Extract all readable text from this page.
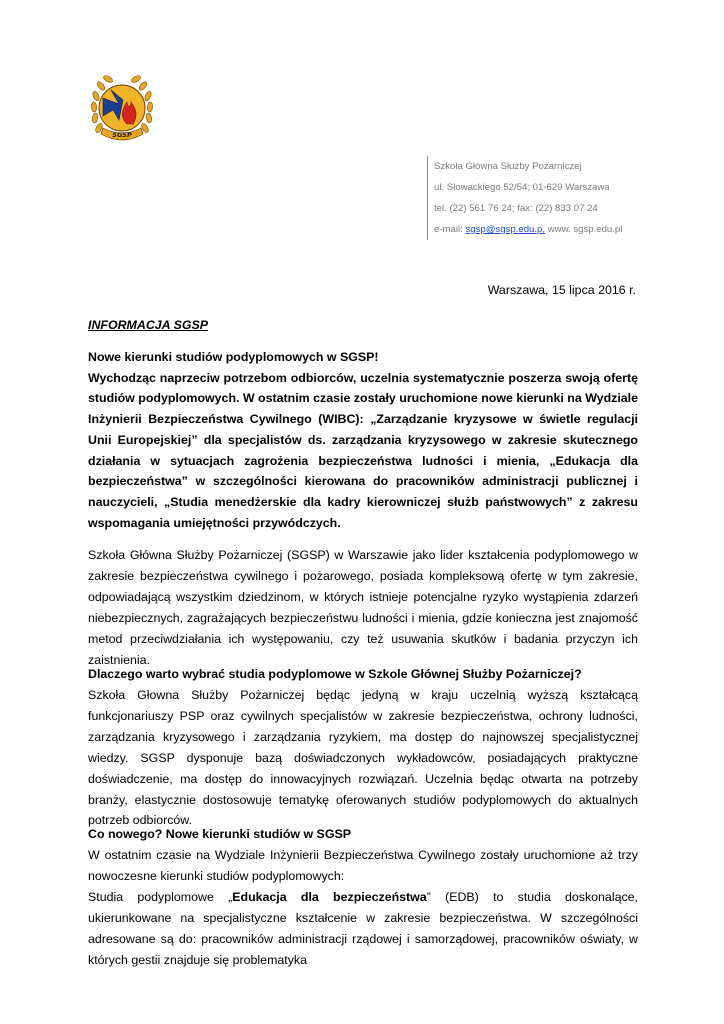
SGSP
Szkoła Główna Służby Pożarniczej
ul. Słowackiego 52/54; 01-629 Warszawa
tel. (22) 561 76 24; fax: (22) 833 07 24
e-mail: sgsp@sgsp.edu.p, www. sgsp.edu.pl
Warszawa, 15 lipca 2016 r.
INFORMACJA SGSP

Nowe kierunki studiów podyplomowych w SGSP!

Wychodząc naprzeciw potrzebom odbiorców, uczelnia systematycznie poszerza swoją ofertę studiów podyplomowych. W ostatnim czasie zostały uruchomione nowe kierunki na Wydziale Inżynierii Bezpieczeństwa Cywilnego (WIBC): „Zarządzanie kryzysowe w świetle regulacji Unii Europejskiej” dla specjalistów ds. zarządzania kryzysowego w zakresie skutecznego działania w sytuacjach zagrożenia bezpieczeństwa ludności i mienia, „Edukacja dla bezpieczeństwa” w szczególności kierowana do pracowników administracji publicznej i nauczycieli, „Studia menedżerskie dla kadry kierowniczej służb państwowych” z zakresu wspomagania umiejętności przywódczych.

Szkoła Główna Służby Pożarniczej (SGSP) w Warszawie jako lider kształcenia podyplomowego w zakresie bezpieczeństwa cywilnego i pożarowego, posiada kompleksową ofertę w tym zakresie, odpowiadającą wszystkim dziedzinom, w których istnieje potencjalne ryzyko wystąpienia zdarzeń niebezpiecznych, zagrażających bezpieczeństwu ludności i mienia, gdzie konieczna jest znajomość metod przeciwdziałania ich występowaniu, czy też usuwania skutków i badania przyczyn ich zaistnienia.

Dlaczego warto wybrać studia podyplomowe w Szkole Głównej Służby Pożarniczej?

Szkoła Głowna Służby Pożarniczej będąc jedyną w kraju uczelnią wyższą kształcącą funkcjonariuszy PSP oraz cywilnych specjalistów w zakresie bezpieczeństwa, ochrony ludności, zarządzania kryzysowego i zarządzania ryzykiem, ma dostęp do najnowszej specjalistycznej wiedzy. SGSP dysponuje bazą doświadczonych wykładowców, posiadających praktyczne doświadczenie, ma dostęp do innowacyjnych rozwiązań. Uczelnia będąc otwarta na potrzeby branży, elastycznie dostosowuje tematykę oferowanych studiów podyplomowych do aktualnych potrzeb odbiorców.

Co nowego? Nowe kierunki studiów w SGSP

W ostatnim czasie na Wydziale Inżynierii Bezpieczeństwa Cywilnego zostały uruchomione aż trzy nowoczesne kierunki studiów podyplomowych:

Studia podyplomowe „Edukacja dla bezpieczeństwa” (EDB) to studia doskonalące, ukierunkowane na specjalistyczne kształcenie w zakresie bezpieczeństwa. W szczególności adresowane są do: pracowników administracji rządowej i samorządowej, pracowników oświaty, w których gestii znajduje się problematyka
